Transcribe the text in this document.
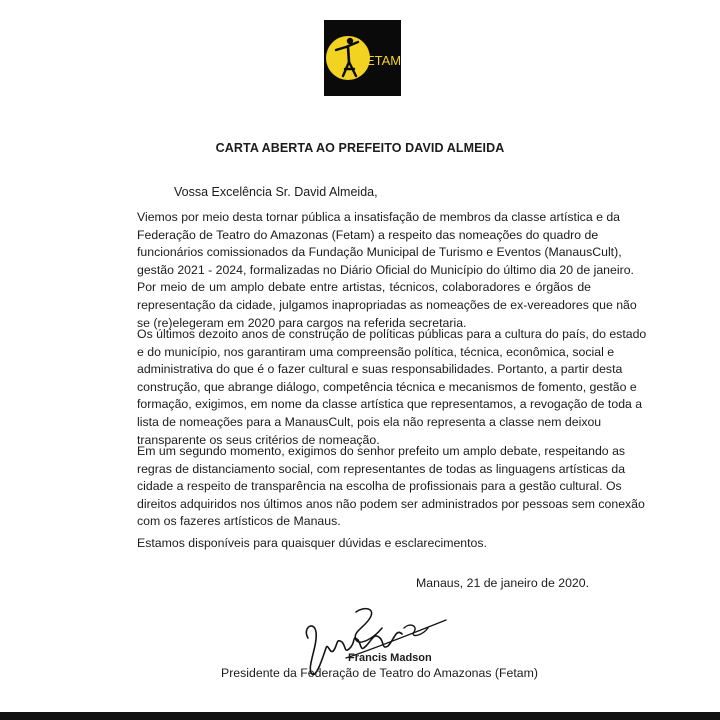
FETAM
CARTA ABERTA AO PREFEITO DAVID ALMEIDA
Vossa Excelência Sr. David Almeida,
Viemos por meio desta tornar pública a insatisfação de membros da classe artística e da
Federação de Teatro do Amazonas (Fetam) a respeito das nomeações do quadro de
funcionários comissionados da Fundação Municipal de Turismo e Eventos (ManausCult),
gestão 2021 - 2024, formalizadas no Diário Oficial do Município do último dia 20 de janeiro.
Por meio de um amplo debate entre artistas, técnicos, colaboradores e órgãos de
representação da cidade, julgamos inapropriadas as nomeações de ex-vereadores que não
se (re)elegeram em 2020 para cargos na referida secretaria.
Os últimos dezoito anos de construção de políticas públicas para a cultura do país, do estado
e do município, nos garantiram uma compreensão política, técnica, econômica, social e
administrativa do que é o fazer cultural e suas responsabilidades. Portanto, a partir desta
construção, que abrange diálogo, competência técnica e mecanismos de fomento, gestão e
formação, exigimos, em nome da classe artística que representamos, a revogação de toda a
lista de nomeações para a ManausCult, pois ela não representa a classe nem deixou
transparente os seus critérios de nomeação.
Em um segundo momento, exigimos do senhor prefeito um amplo debate, respeitando as
regras de distanciamento social, com representantes de todas as linguagens artísticas da
cidade a respeito de transparência na escolha de profissionais para a gestão cultural. Os
direitos adquiridos nos últimos anos não podem ser administrados por pessoas sem conexão
com os fazeres artísticos de Manaus.
Estamos disponíveis para quaisquer dúvidas e esclarecimentos.
Manaus, 21 de janeiro de 2020.
Francis Madson
Presidente da Federação de Teatro do Amazonas (Fetam)
